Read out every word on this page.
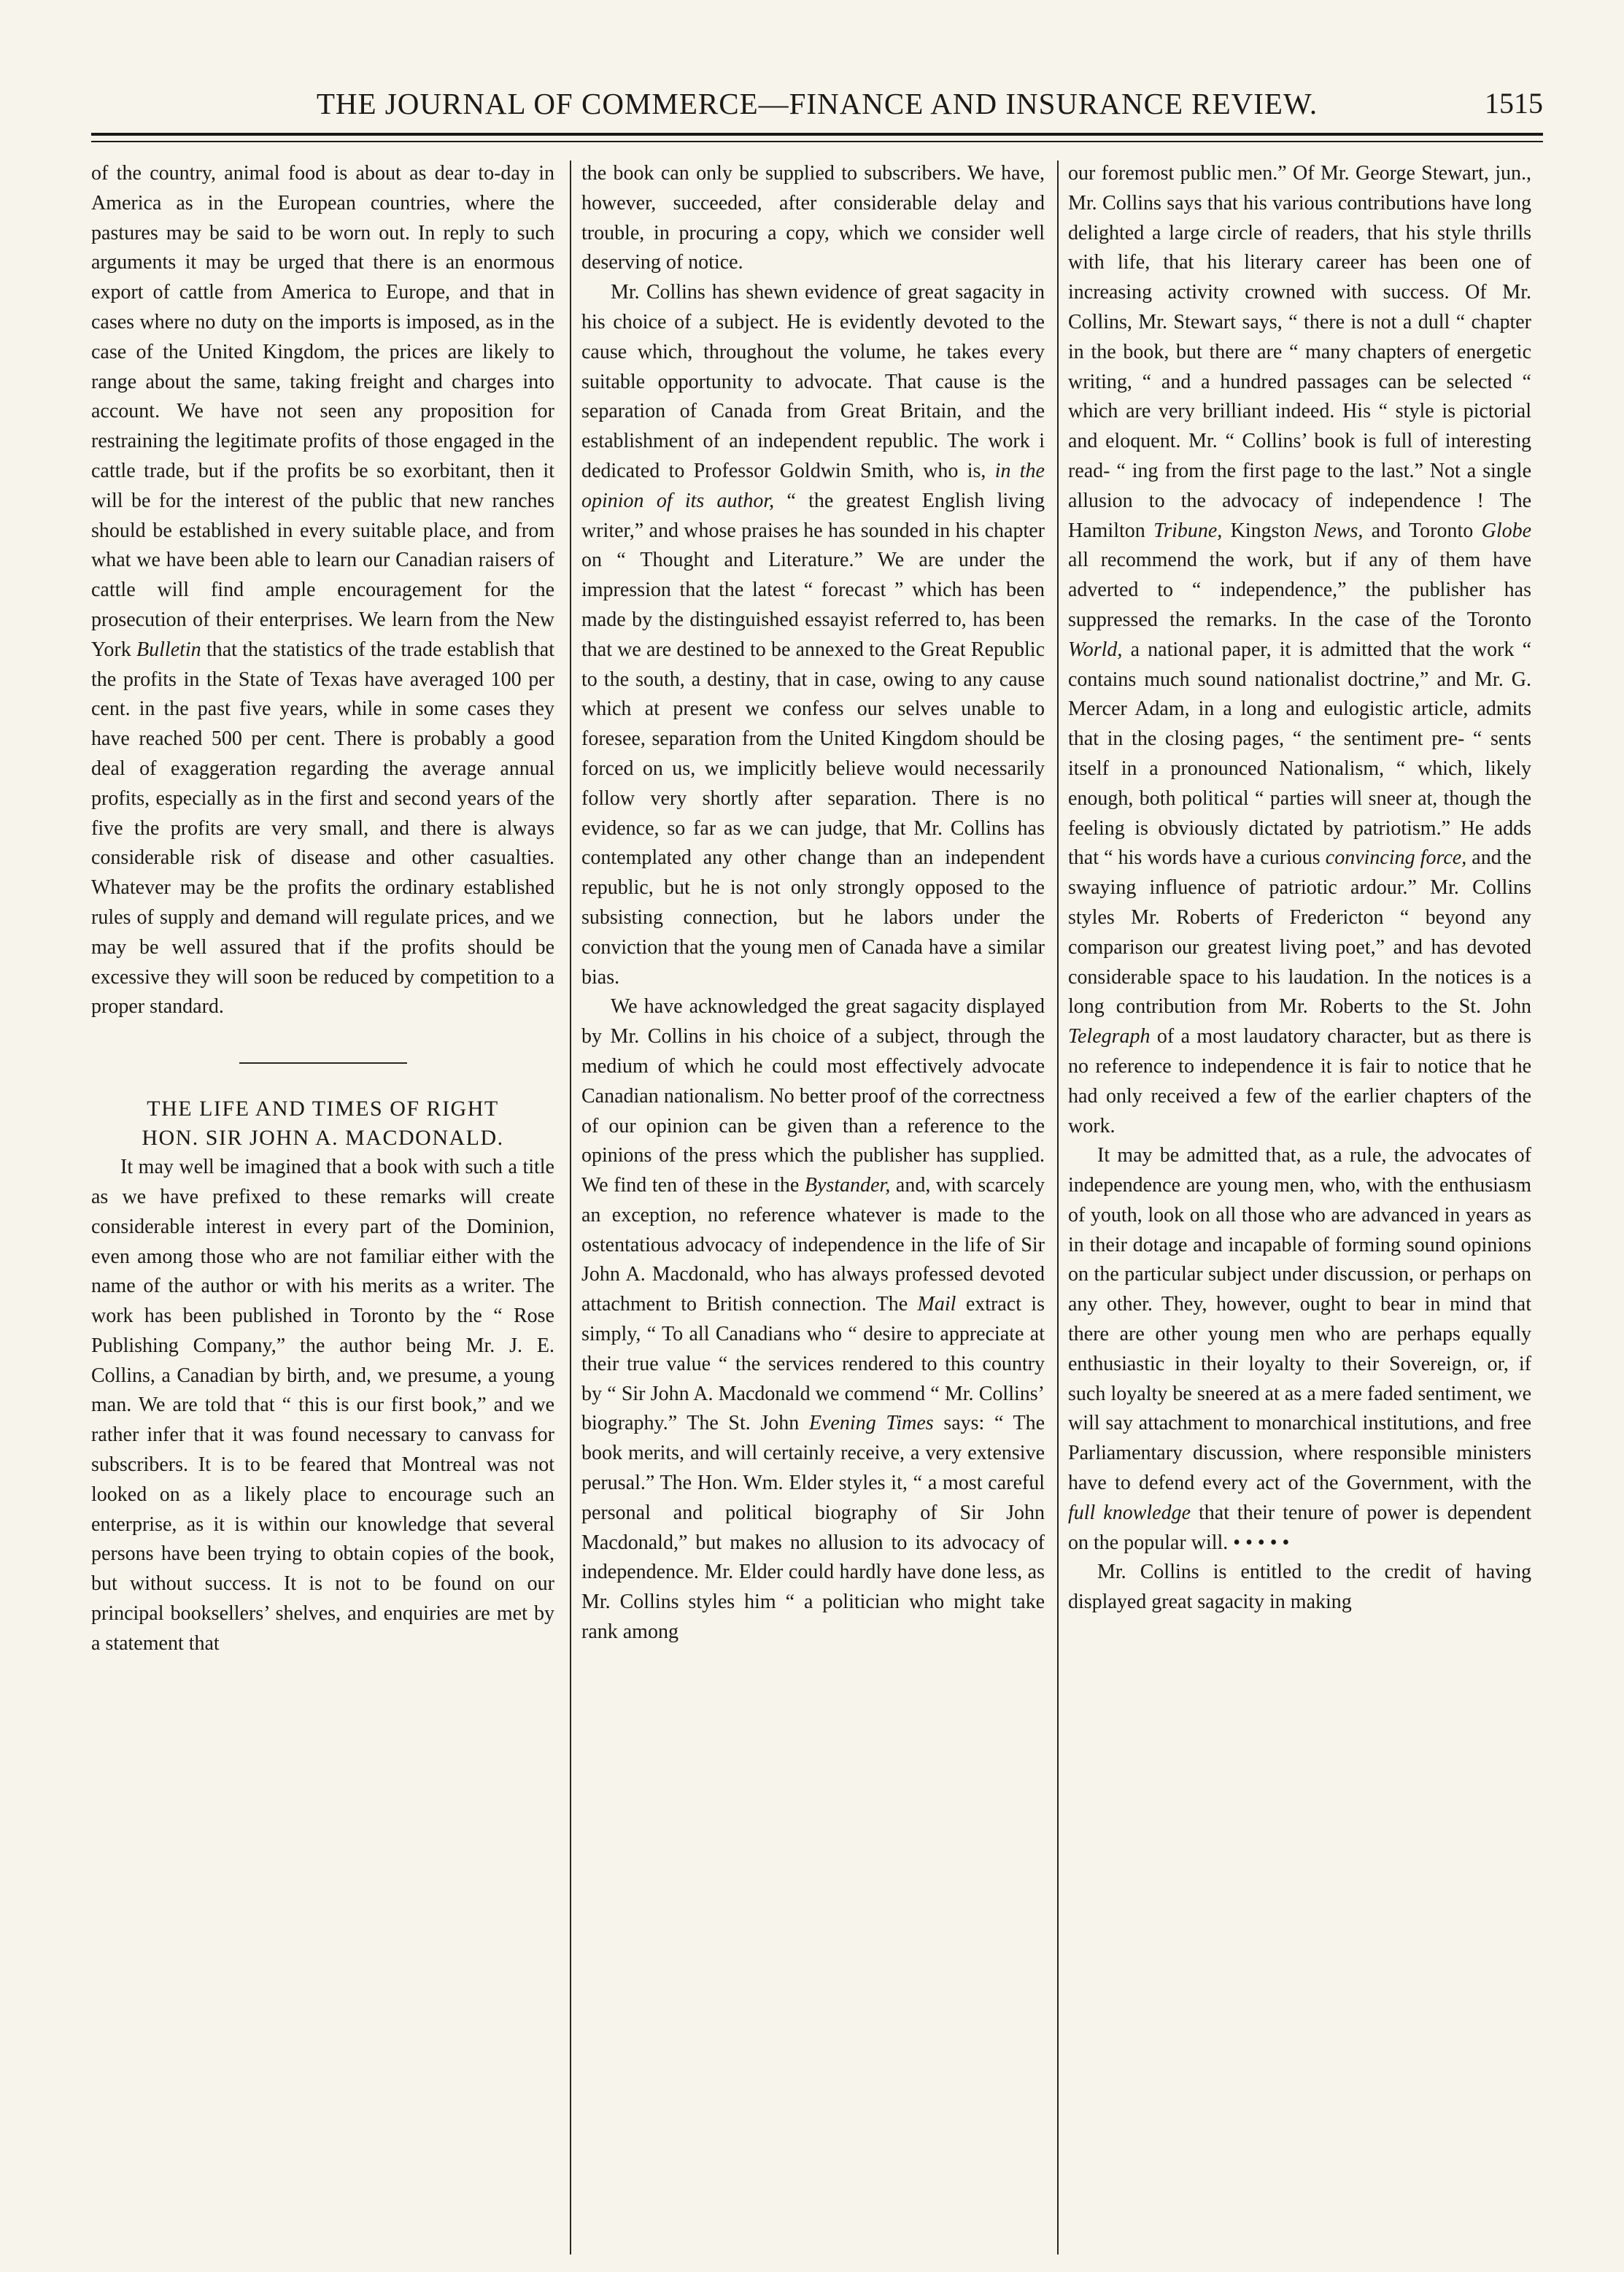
THE JOURNAL OF COMMERCE—FINANCE AND INSURANCE REVIEW.	1515

of the country, animal food is about as dear to-day in America as in the European countries, where the pastures may be said to be worn out. In reply to such arguments it may be urged that there is an enormous export of cattle from America to Europe, and that in cases where no duty on the imports is imposed, as in the case of the United Kingdom, the prices are likely to range about the same, taking freight and charges into account. We have not seen any proposition for restraining the legitimate profits of those engaged in the cattle trade, but if the profits be so exorbitant, then it will be for the interest of the public that new ranches should be established in every suitable place, and from what we have been able to learn our Canadian raisers of cattle will find ample encouragement for the prosecution of their enterprises. We learn from the New York Bulletin that the statistics of the trade establish that the profits in the State of Texas have averaged 100 per cent. in the past five years, while in some cases they have reached 500 per cent. There is probably a good deal of exaggeration regarding the average annual profits, especially as in the first and second years of the five the profits are very small, and there is always considerable risk of disease and other casualties. Whatever may be the profits the ordinary established rules of supply and demand will regulate prices, and we may be well assured that if the profits should be excessive they will soon be reduced by competition to a proper standard.

THE LIFE AND TIMES OF RIGHT
HON. SIR JOHN A. MACDONALD.

It may well be imagined that a book with such a title as we have prefixed to these remarks will create considerable interest in every part of the Dominion, even among those who are not familiar either with the name of the author or with his merits as a writer. The work has been published in Toronto by the “ Rose Publishing Company,” the author being Mr. J. E. Collins, a Canadian by birth, and, we presume, a young man. We are told that “ this is our first book,” and we rather infer that it was found necessary to canvass for subscribers. It is to be feared that Montreal was not looked on as a likely place to encourage such an enterprise, as it is within our knowledge that several persons have been trying to obtain copies of the book, but without success. It is not to be found on our principal booksellers’ shelves, and enquiries are met by a statement that

the book can only be supplied to subscribers. We have, however, succeeded, after considerable delay and trouble, in procuring a copy, which we consider well deserving of notice.

Mr. Collins has shewn evidence of great sagacity in his choice of a subject. He is evidently devoted to the cause which, throughout the volume, he takes every suitable opportunity to advocate. That cause is the separation of Canada from Great Britain, and the establishment of an independent republic. The work i dedicated to Professor Goldwin Smith, who is, in the opinion of its author, “ the greatest English living writer,” and whose praises he has sounded in his chapter on “ Thought and Literature.” We are under the impression that the latest “ forecast ” which has been made by the distinguished essayist referred to, has been that we are destined to be annexed to the Great Republic to the south, a destiny, that in case, owing to any cause which at present we confess our selves unable to foresee, separation from the United Kingdom should be forced on us, we implicitly believe would necessarily follow very shortly after separation. There is no evidence, so far as we can judge, that Mr. Collins has contemplated any other change than an independent republic, but he is not only strongly opposed to the subsisting connection, but he labors under the conviction that the young men of Canada have a similar bias.

We have acknowledged the great sagacity displayed by Mr. Collins in his choice of a subject, through the medium of which he could most effectively advocate Canadian nationalism. No better proof of the correctness of our opinion can be given than a reference to the opinions of the press which the publisher has supplied. We find ten of these in the Bystander, and, with scarcely an exception, no reference whatever is made to the ostentatious advocacy of independence in the life of Sir John A. Macdonald, who has always professed devoted attachment to British connection. The Mail extract is simply, “ To all Canadians who “ desire to appreciate at their true value “ the services rendered to this country by “ Sir John A. Macdonald we commend “ Mr. Collins’ biography.” The St. John Evening Times says: “ The book merits, and will certainly receive, a very extensive perusal.” The Hon. Wm. Elder styles it, “ a most careful personal and political biography of Sir John Macdonald,” but makes no allusion to its advocacy of independence. Mr. Elder could hardly have done less, as Mr. Collins styles him “ a politician who might take rank among

our foremost public men.” Of Mr. George Stewart, jun., Mr. Collins says that his various contributions have long delighted a large circle of readers, that his style thrills with life, that his literary career has been one of increasing activity crowned with success. Of Mr. Collins, Mr. Stewart says, “ there is not a dull “ chapter in the book, but there are “ many chapters of energetic writing, “ and a hundred passages can be selected “ which are very brilliant indeed. His “ style is pictorial and eloquent. Mr. “ Collins’ book is full of interesting read- “ ing from the first page to the last.” Not a single allusion to the advocacy of independence ! The Hamilton Tribune, Kingston News, and Toronto Globe all recommend the work, but if any of them have adverted to “ independence,” the publisher has suppressed the remarks. In the case of the Toronto World, a national paper, it is admitted that the work “ contains much sound nationalist doctrine,” and Mr. G. Mercer Adam, in a long and eulogistic article, admits that in the closing pages, “ the sentiment pre- “ sents itself in a pronounced Nationalism, “ which, likely enough, both political “ parties will sneer at, though the feeling is obviously dictated by patriotism.” He adds that “ his words have a curious convincing force, and the swaying influence of patriotic ardour.” Mr. Collins styles Mr. Roberts of Fredericton “ beyond any comparison our greatest living poet,” and has devoted considerable space to his laudation. In the notices is a long contribution from Mr. Roberts to the St. John Telegraph of a most laudatory character, but as there is no reference to independence it is fair to notice that he had only received a few of the earlier chapters of the work.

It may be admitted that, as a rule, the advocates of independence are young men, who, with the enthusiasm of youth, look on all those who are advanced in years as in their dotage and incapable of forming sound opinions on the particular subject under discussion, or perhaps on any other. They, however, ought to bear in mind that there are other young men who are perhaps equally enthusiastic in their loyalty to their Sovereign, or, if such loyalty be sneered at as a mere faded sentiment, we will say attachment to monarchical institutions, and free Parliamentary discussion, where responsible ministers have to defend every act of the Government, with the full knowledge that their tenure of power is dependent on the popular will. • • • • •

Mr. Collins is entitled to the credit of having displayed great sagacity in making
